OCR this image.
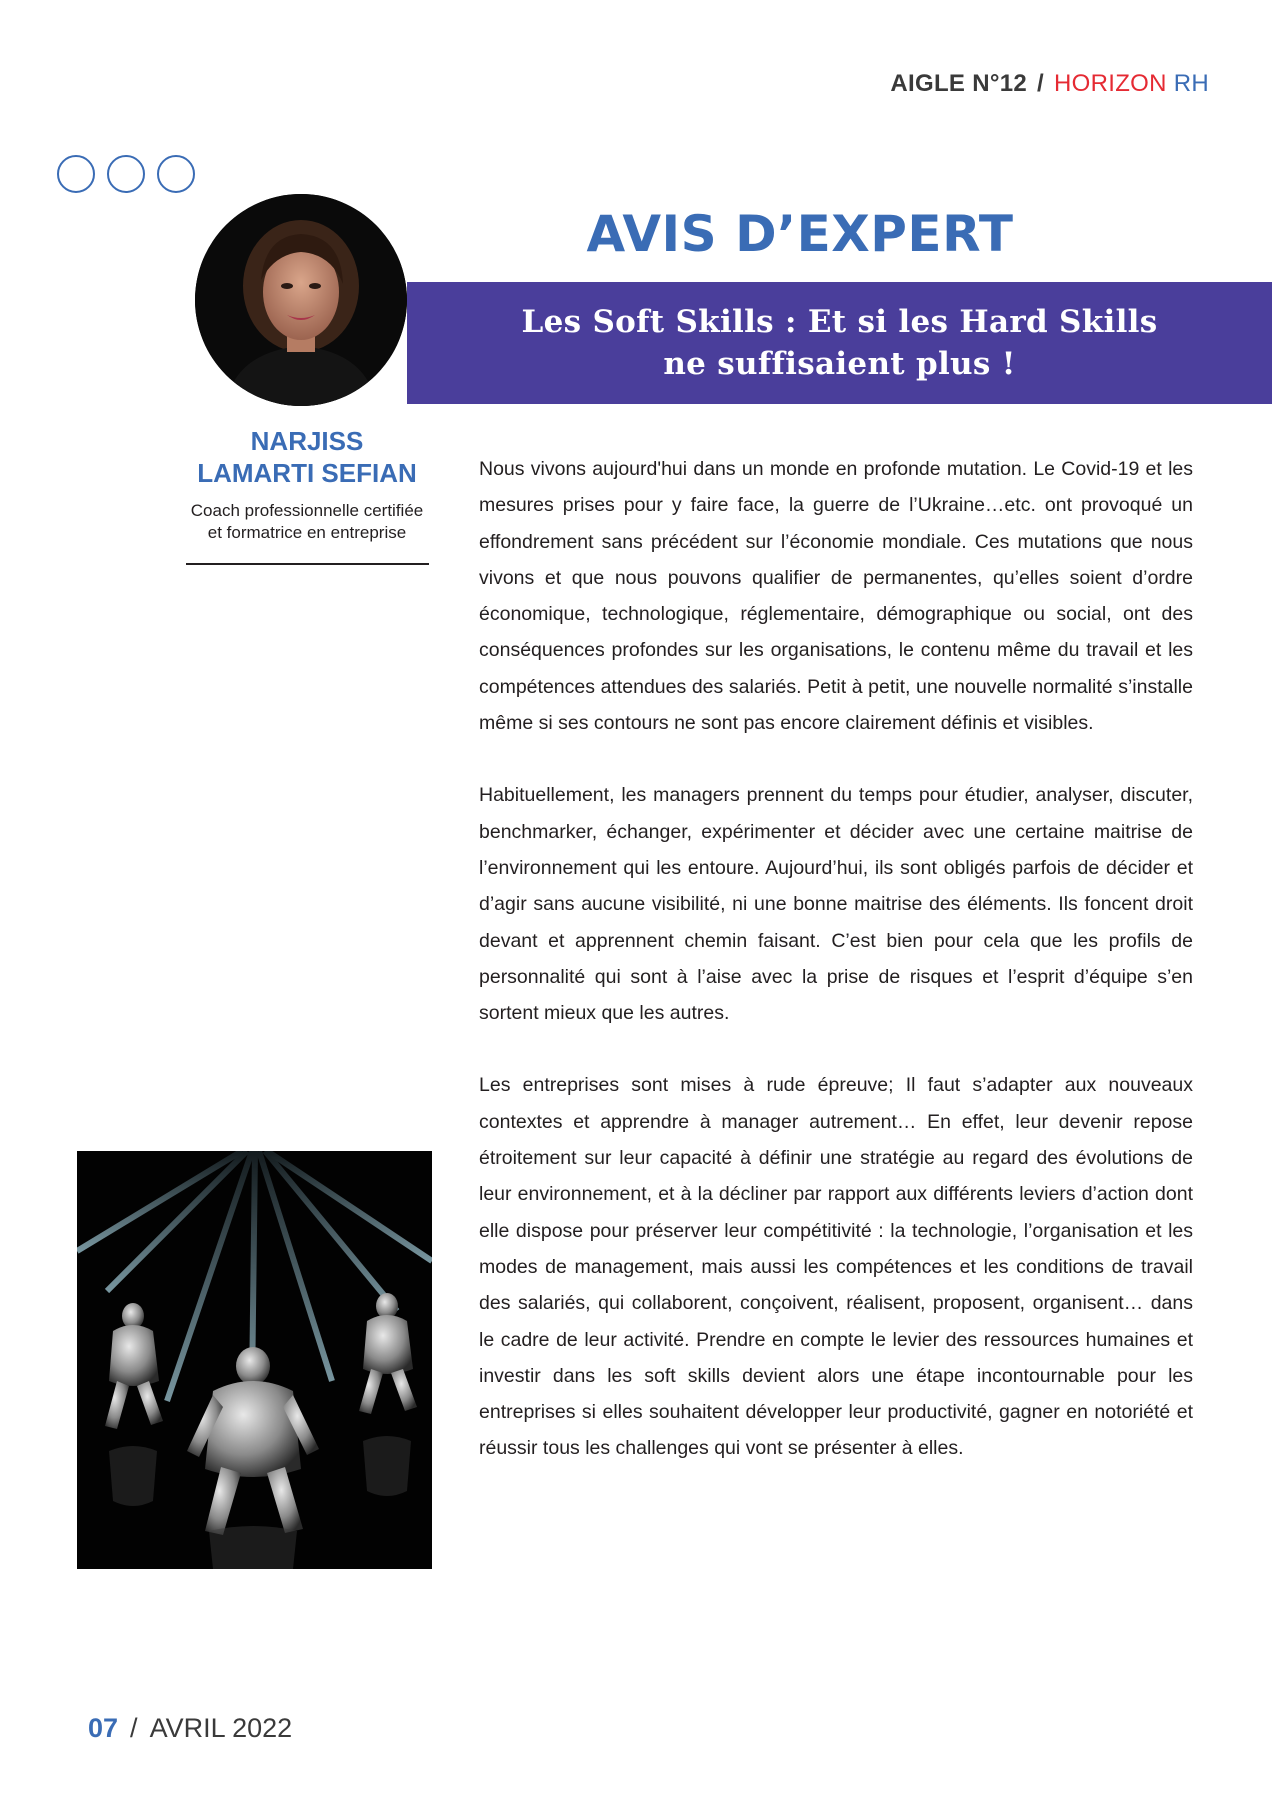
AIGLE N°12 / HORIZON RH
AVIS D’EXPERT
Les Soft Skills : Et si les Hard Skills
ne suffisaient plus !
NARJISS
LAMARTI SEFIAN
Coach professionnelle certifiée
et formatrice en entreprise

Nous vivons aujourd'hui dans un monde en profonde mutation. Le Covid-19 et les mesures prises pour y faire face, la guerre de l’Ukraine…etc. ont provoqué un effondrement sans précédent sur l’économie mondiale. Ces mutations que nous vivons et que nous pouvons qualifier de permanentes, qu’elles soient d’ordre économique, technologique, réglementaire, démographique ou social, ont des conséquences profondes sur les organisations, le contenu même du travail et les compétences attendues des salariés. Petit à petit, une nouvelle normalité s’installe même si ses contours ne sont pas encore clairement définis et visibles.

Habituellement, les managers prennent du temps pour étudier, analyser, discuter, benchmarker, échanger, expérimenter et décider avec une certaine maitrise de l’environnement qui les entoure. Aujourd’hui, ils sont obligés parfois de décider et d’agir sans aucune visibilité, ni une bonne maitrise des éléments. Ils foncent droit devant et apprennent chemin faisant. C’est bien pour cela que les profils de personnalité qui sont à l’aise avec la prise de risques et l’esprit d’équipe s’en sortent mieux que les autres.

Les entreprises sont mises à rude épreuve; Il faut s’adapter aux nouveaux contextes et apprendre à manager autrement… En effet, leur devenir repose étroitement sur leur capacité à définir une stratégie au regard des évolutions de leur environnement, et à la décliner par rapport aux différents leviers d’action dont elle dispose pour préserver leur compétitivité : la technologie, l’organisation et les modes de management, mais aussi les compétences et les conditions de travail des salariés, qui collaborent, conçoivent, réalisent, proposent, organisent… dans le cadre de leur activité. Prendre en compte le levier des ressources humaines et investir dans les soft skills devient alors une étape incontournable pour les entreprises si elles souhaitent développer leur productivité, gagner en notoriété et réussir tous les challenges qui vont se présenter à elles.

07 / AVRIL 2022
